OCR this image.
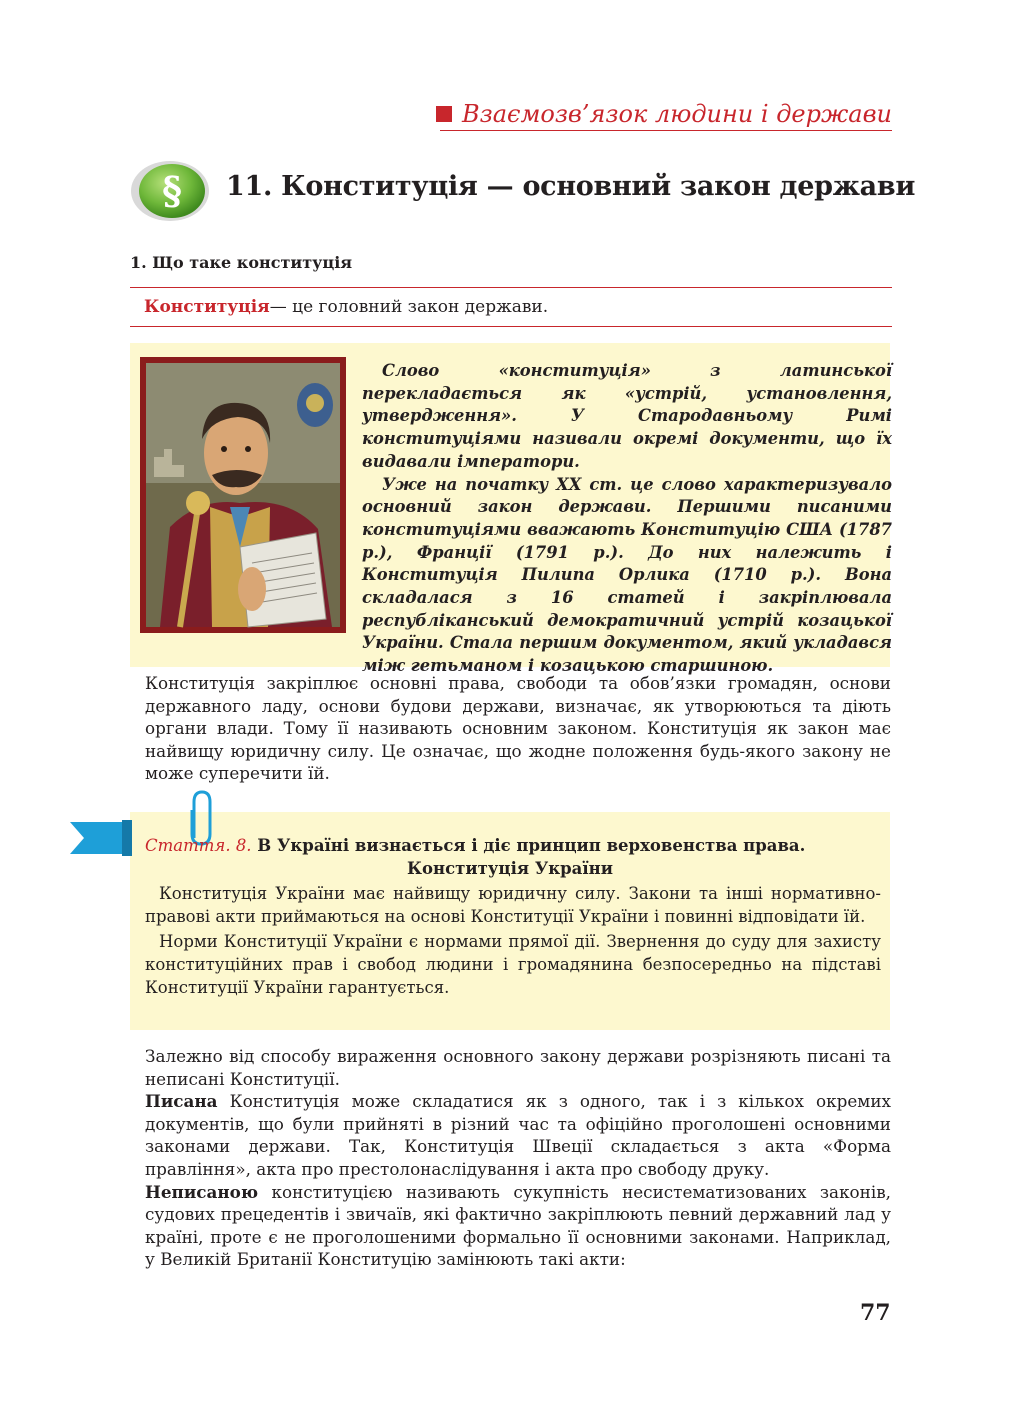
Взаємозв’язок людини і держави
§ 11. Конституція — основний закон держави
1. Що таке конституція
Конституція — це головний закон держави.

Слово «конституція» з латинської перекладається як «устрій, установлення, утвердження». У Стародавньому Римі конституціями називали окремі документи, що їх видавали імператори.

Уже на початку XX ст. це слово характеризувало основний закон держави. Першими писаними конституціями вважають Конституцію США (1787 р.), Франції (1791 р.). До них належить і Конституція Пилипа Орлика (1710 р.). Вона складалася з 16 статей і закріплювала республіканський демократичний устрій козацької України. Стала першим документом, який укладався між гетьманом і козацькою старшиною.

Конституція закріплює основні права, свободи та обов’язки громадян, основи державного ладу, основи будови держави, визначає, як утворюються та діють органи влади. Тому її називають основним законом. Конституція як закон має найвищу юридичну силу. Це означає, що жодне положення будь-якого закону не може суперечити їй.

Стаття. 8. В Україні визнається і діє принцип верховенства права.
Конституція України

Конституція України має найвищу юридичну силу. Закони та інші нормативно-правові акти приймаються на основі Конституції України і повинні відповідати їй.

Норми Конституції України є нормами прямої дії. Звернення до суду для захисту конституційних прав і свобод людини і громадянина безпосередньо на підставі Конституції України гарантується.

Залежно від способу вираження основного закону держави розрізняють писані та неписані Конституції.

Писана Конституція може складатися як з одного, так і з кількох окремих документів, що були прийняті в різний час та офіційно проголошені основними законами держави. Так, Конституція Швеції складається з акта «Форма правління», акта про престолонаслідування і акта про свободу друку.

Неписаною конституцією називають сукупність несистематизованих законів, судових прецедентів і звичаїв, які фактично закріплюють певний державний лад у країні, проте є не проголошеними формально її основними законами. Наприклад, у Великій Британії Конституцію замінюють такі акти:

77
